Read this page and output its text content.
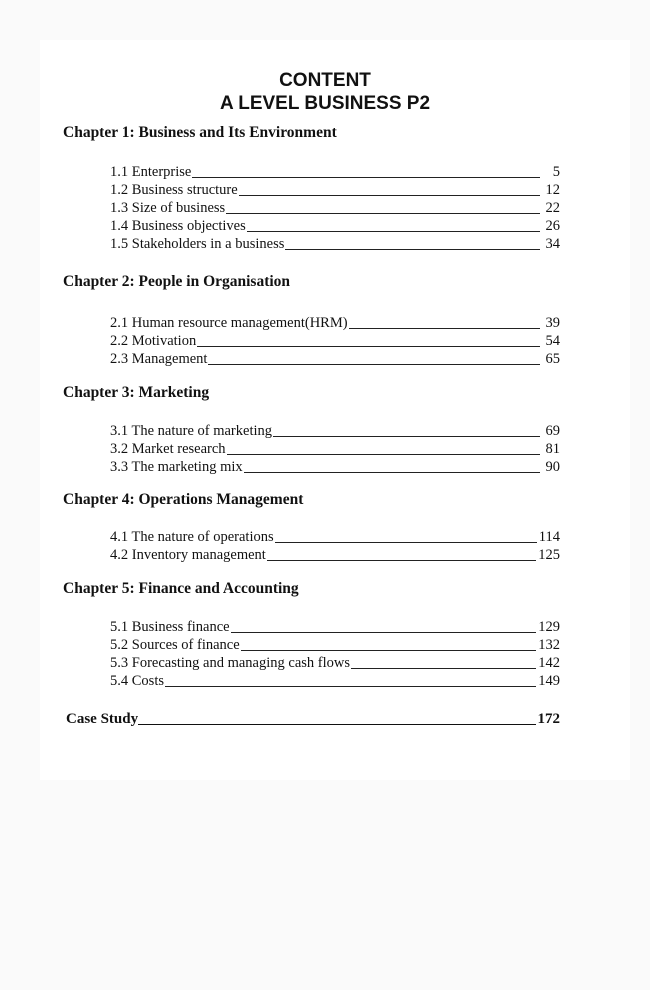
CONTENT
A LEVEL BUSINESS P2
Chapter 1: Business and Its Environment
1.1 Enterprise	5
1.2 Business structure	12
1.3 Size of business	22
1.4 Business objectives	26
1.5 Stakeholders in a business	34
Chapter 2: People in Organisation
2.1 Human resource management(HRM)	39
2.2 Motivation	54
2.3 Management	65
Chapter 3: Marketing
3.1 The nature of marketing	69
3.2 Market research	81
3.3 The marketing mix	90
Chapter 4: Operations Management
4.1 The nature of operations	114
4.2 Inventory management	125
Chapter 5: Finance and Accounting
5.1 Business finance	129
5.2 Sources of finance	132
5.3 Forecasting and managing cash flows	142
5.4 Costs	149
Case Study	172
